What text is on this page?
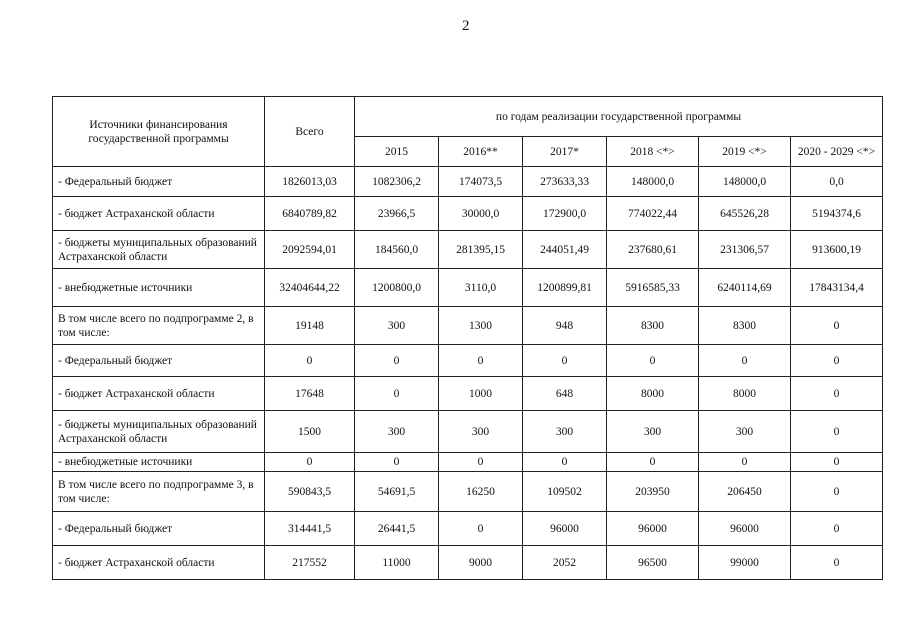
2
Источники финансирования государственной программы	Всего	по годам реализации государственной программы					
		2015	2016**	2017*	2018 <*>	2019 <*>	2020 - 2029 <*>
- Федеральный бюджет	1826013,03	1082306,2	174073,5	273633,33	148000,0	148000,0	0,0
- бюджет Астраханской области	6840789,82	23966,5	30000,0	172900,0	774022,44	645526,28	5194374,6
- бюджеты муниципальных образований Астраханской области	2092594,01	184560,0	281395,15	244051,49	237680,61	231306,57	913600,19
- внебюджетные источники	32404644,22	1200800,0	3110,0	1200899,81	5916585,33	6240114,69	17843134,4
В том числе всего по подпрограмме 2, в том числе:	19148	300	1300	948	8300	8300	0
- Федеральный бюджет	0	0	0	0	0	0	0
- бюджет Астраханской области	17648	0	1000	648	8000	8000	0
- бюджеты муниципальных образований Астраханской области	1500	300	300	300	300	300	0
- внебюджетные источники	0	0	0	0	0	0	0
В том числе всего по подпрограмме 3, в том числе:	590843,5	54691,5	16250	109502	203950	206450	0
- Федеральный бюджет	314441,5	26441,5	0	96000	96000	96000	0
- бюджет Астраханской области	217552	11000	9000	2052	96500	99000	0
